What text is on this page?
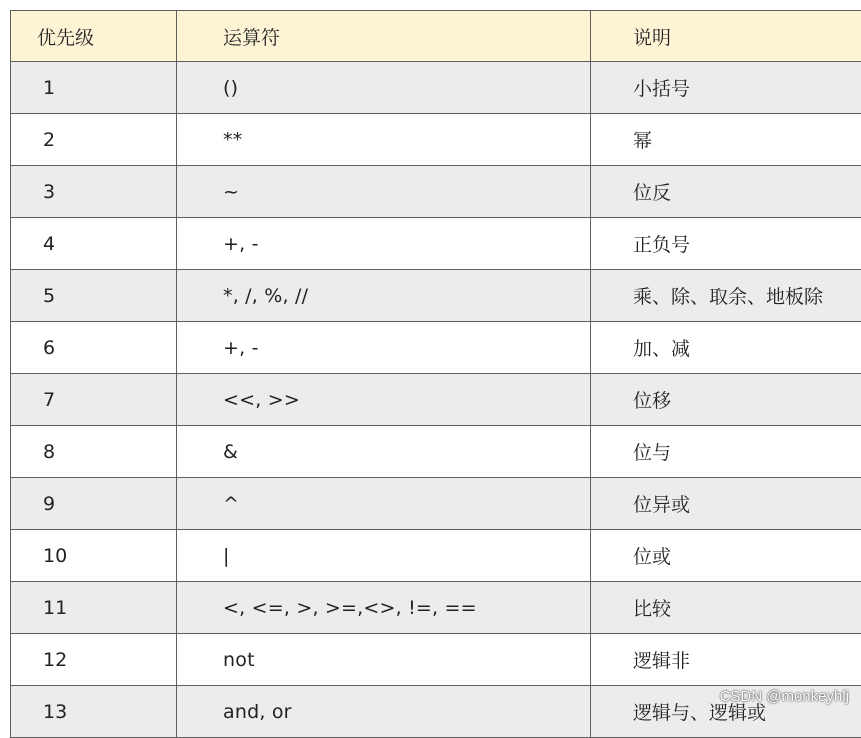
优先级	运算符	说明
1	()	小括号
2	**	幂
3	~	位反
4	+, -	正负号
5	*, /, %, //	乘、除、取余、地板除
6	+, -	加、减
7	<<, >>	位移
8	&	位与
9	^	位异或
10	|	位或
11	<, <=, >, >=,<>, !=, ==	比较
12	not	逻辑非
13	and, or	逻辑与、逻辑或
CSDN @monkeyhlj
